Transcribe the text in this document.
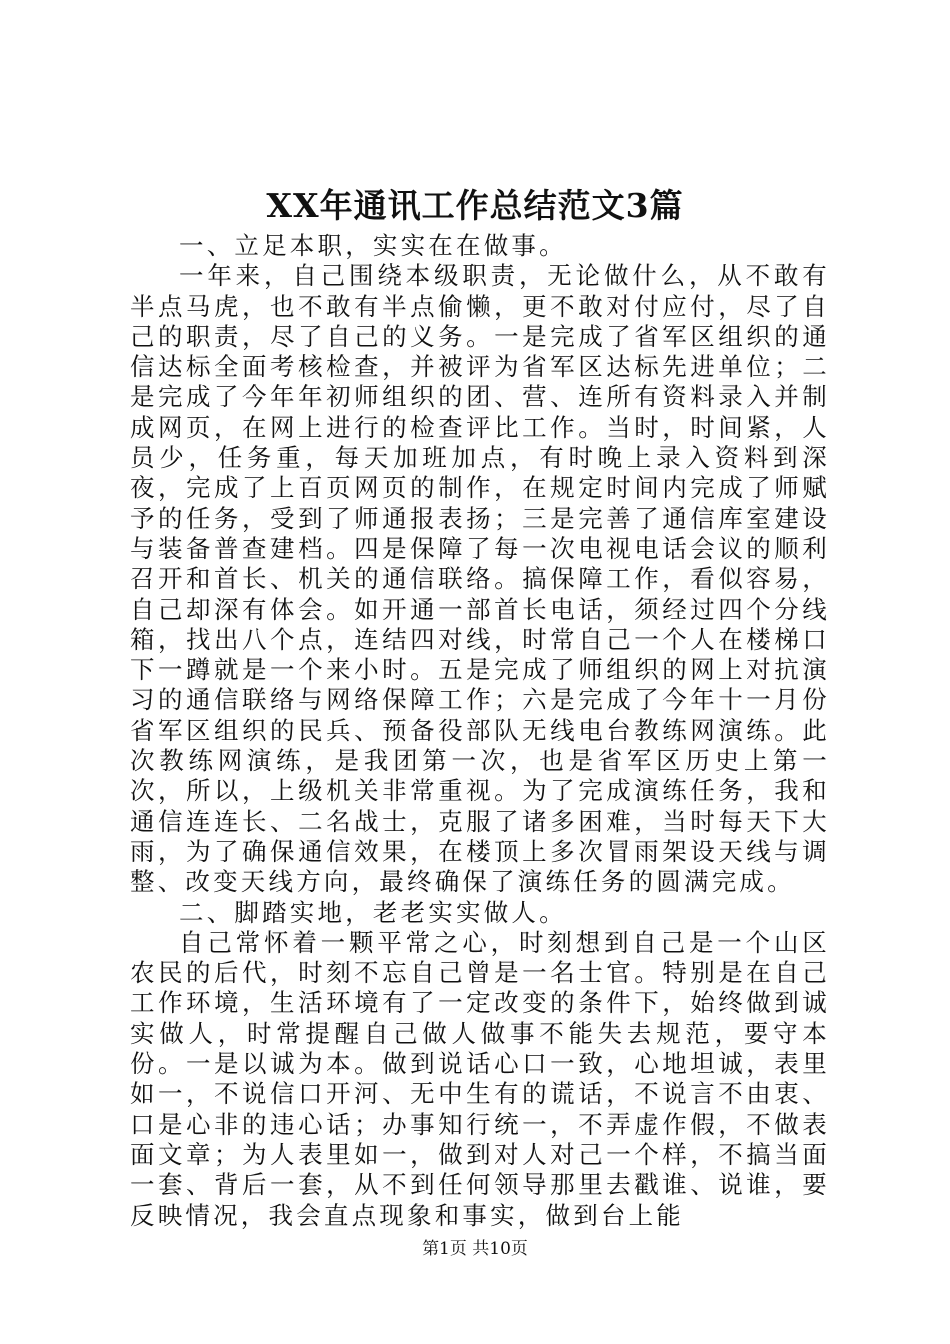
XX年通讯工作总结范文3篇

一、立足本职，实实在在做事。

一年来，自己围绕本级职责，无论做什么，从不敢有半点马虎，也不敢有半点偷懒，更不敢对付应付，尽了自己的职责，尽了自己的义务。一是完成了省军区组织的通信达标全面考核检查，并被评为省军区达标先进单位；二是完成了今年年初师组织的团、营、连所有资料录入并制成网页，在网上进行的检查评比工作。当时，时间紧，人员少，任务重，每天加班加点，有时晚上录入资料到深夜，完成了上百页网页的制作，在规定时间内完成了师赋予的任务，受到了师通报表扬；三是完善了通信库室建设与装备普查建档。四是保障了每一次电视电话会议的顺利召开和首长、机关的通信联络。搞保障工作，看似容易，自己却深有体会。如开通一部首长电话，须经过四个分线箱，找出八个点，连结四对线，时常自己一个人在楼梯口下一蹲就是一个来小时。五是完成了师组织的网上对抗演习的通信联络与网络保障工作；六是完成了今年十一月份省军区组织的民兵、预备役部队无线电台教练网演练。此次教练网演练，是我团第一次，也是省军区历史上第一次，所以，上级机关非常重视。为了完成演练任务，我和通信连连长、二名战士，克服了诸多困难，当时每天下大雨，为了确保通信效果，在楼顶上多次冒雨架设天线与调整、改变天线方向，最终确保了演练任务的圆满完成。

二、脚踏实地，老老实实做人。

自己常怀着一颗平常之心，时刻想到自己是一个山区农民的后代，时刻不忘自己曾是一名士官。特别是在自己工作环境，生活环境有了一定改变的条件下，始终做到诚实做人，时常提醒自己做人做事不能失去规范，要守本份。一是以诚为本。做到说话心口一致，心地坦诚，表里如一，不说信口开河、无中生有的谎话，不说言不由衷、口是心非的违心话；办事知行统一，不弄虚作假，不做表面文章；为人表里如一，做到对人对己一个样，不搞当面一套、背后一套，从不到任何领导那里去戳谁、说谁，要反映情况，我会直点现象和事实，做到台上能

第1页 共10页
